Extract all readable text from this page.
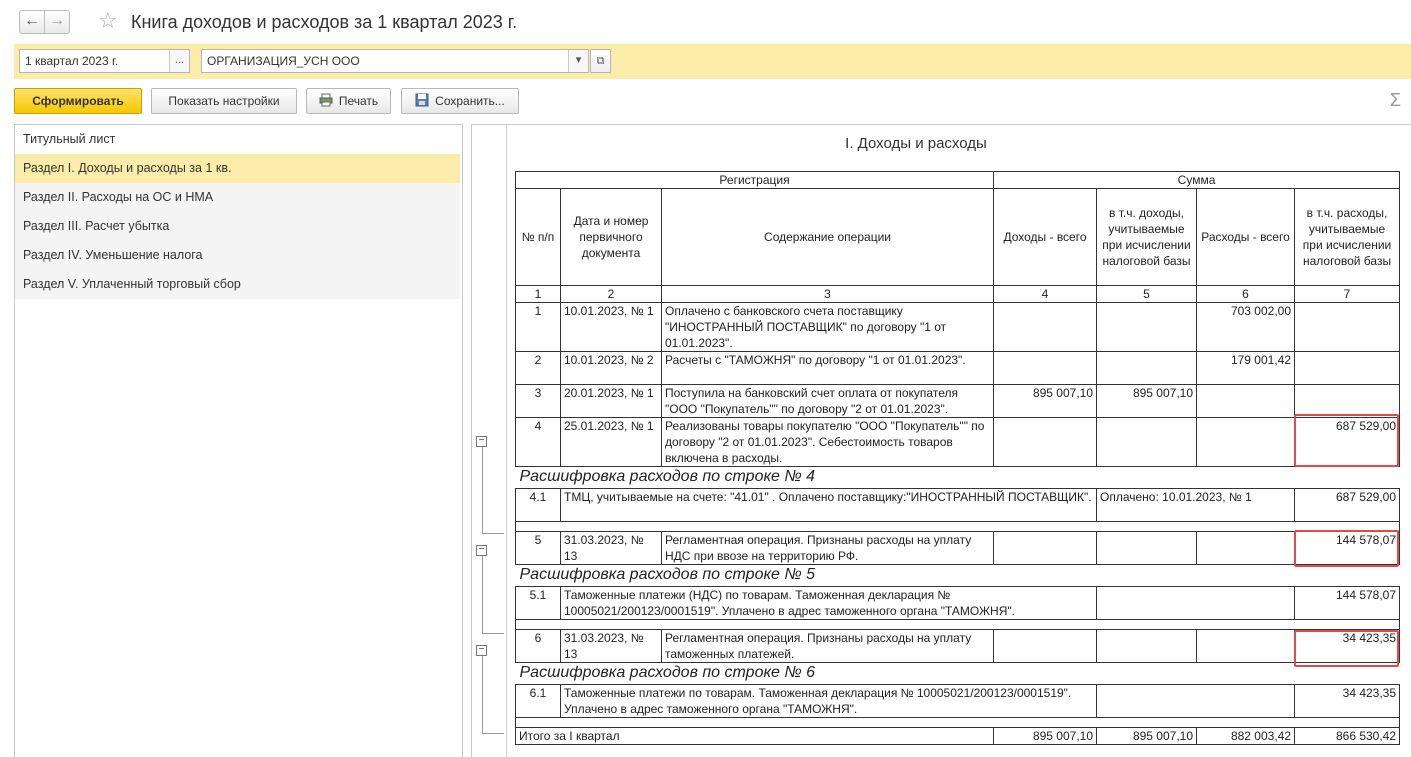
← → ☆ Книга доходов и расходов за 1 квартал 2023 г.
1 квартал 2023 г.	...	ОРГАНИЗАЦИЯ_УСН ООО	▾	⧉
Сформировать	Показать настройки	Печать	Сохранить...	Σ
Титульный лист
Раздел I. Доходы и расходы за 1 кв.
Раздел II. Расходы на ОС и НМА
Раздел III. Расчет убытка
Раздел IV. Уменьшение налога
Раздел V. Уплаченный торговый сбор
−
−
−
I. Доходы и расходы
Регистрация			Сумма			
№ п/п	Дата и номер первичного документа	Содержание операции	Доходы - всего	в т.ч. доходы, учитываемые при исчислении налоговой базы	Расходы - всего	в т.ч. расходы, учитываемые при исчислении налоговой базы
1	2	3	4	5	6	7
1	10.01.2023, № 1	Оплачено с банковского счета поставщику "ИНОСТРАННЫЙ ПОСТАВЩИК" по договору "1 от 01.01.2023".			703 002,00	
2	10.01.2023, № 2	Расчеты с "ТАМОЖНЯ" по договору "1 от 01.01.2023".			179 001,42	
3	20.01.2023, № 1	Поступила на банковский счет оплата от покупателя "ООО "Покупатель"" по договору "2 от 01.01.2023".	895 007,10	895 007,10		
4	25.01.2023, № 1	Реализованы товары покупателю "ООО "Покупатель"" по договору "2 от 01.01.2023". Себестоимость товаров включена в расходы.				687 529,00
Расшифровка расходов по строке № 4						
4.1	ТМЦ, учитываемые на счете: "41.01" . Оплачено поставщику:"ИНОСТРАННЫЙ ПОСТАВЩИК".			Оплачено: 10.01.2023, № 1		687 529,00

5	31.03.2023, № 13	Регламентная операция. Признаны расходы на уплату НДС при ввозе на территорию РФ.				144 578,07
Расшифровка расходов по строке № 5						
5.1	Таможенные платежи (НДС) по товарам. Таможенная декларация № 10005021/200123/0001519". Уплачено в адрес таможенного органа "ТАМОЖНЯ".					144 578,07

6	31.03.2023, № 13	Регламентная операция. Признаны расходы на уплату таможенных платежей.				34 423,35
Расшифровка расходов по строке № 6						
6.1	Таможенные платежи по товарам. Таможенная декларация № 10005021/200123/0001519". Уплачено в адрес таможенного органа "ТАМОЖНЯ".					34 423,35

Итого за I квартал			895 007,10	895 007,10	882 003,42	866 530,42
